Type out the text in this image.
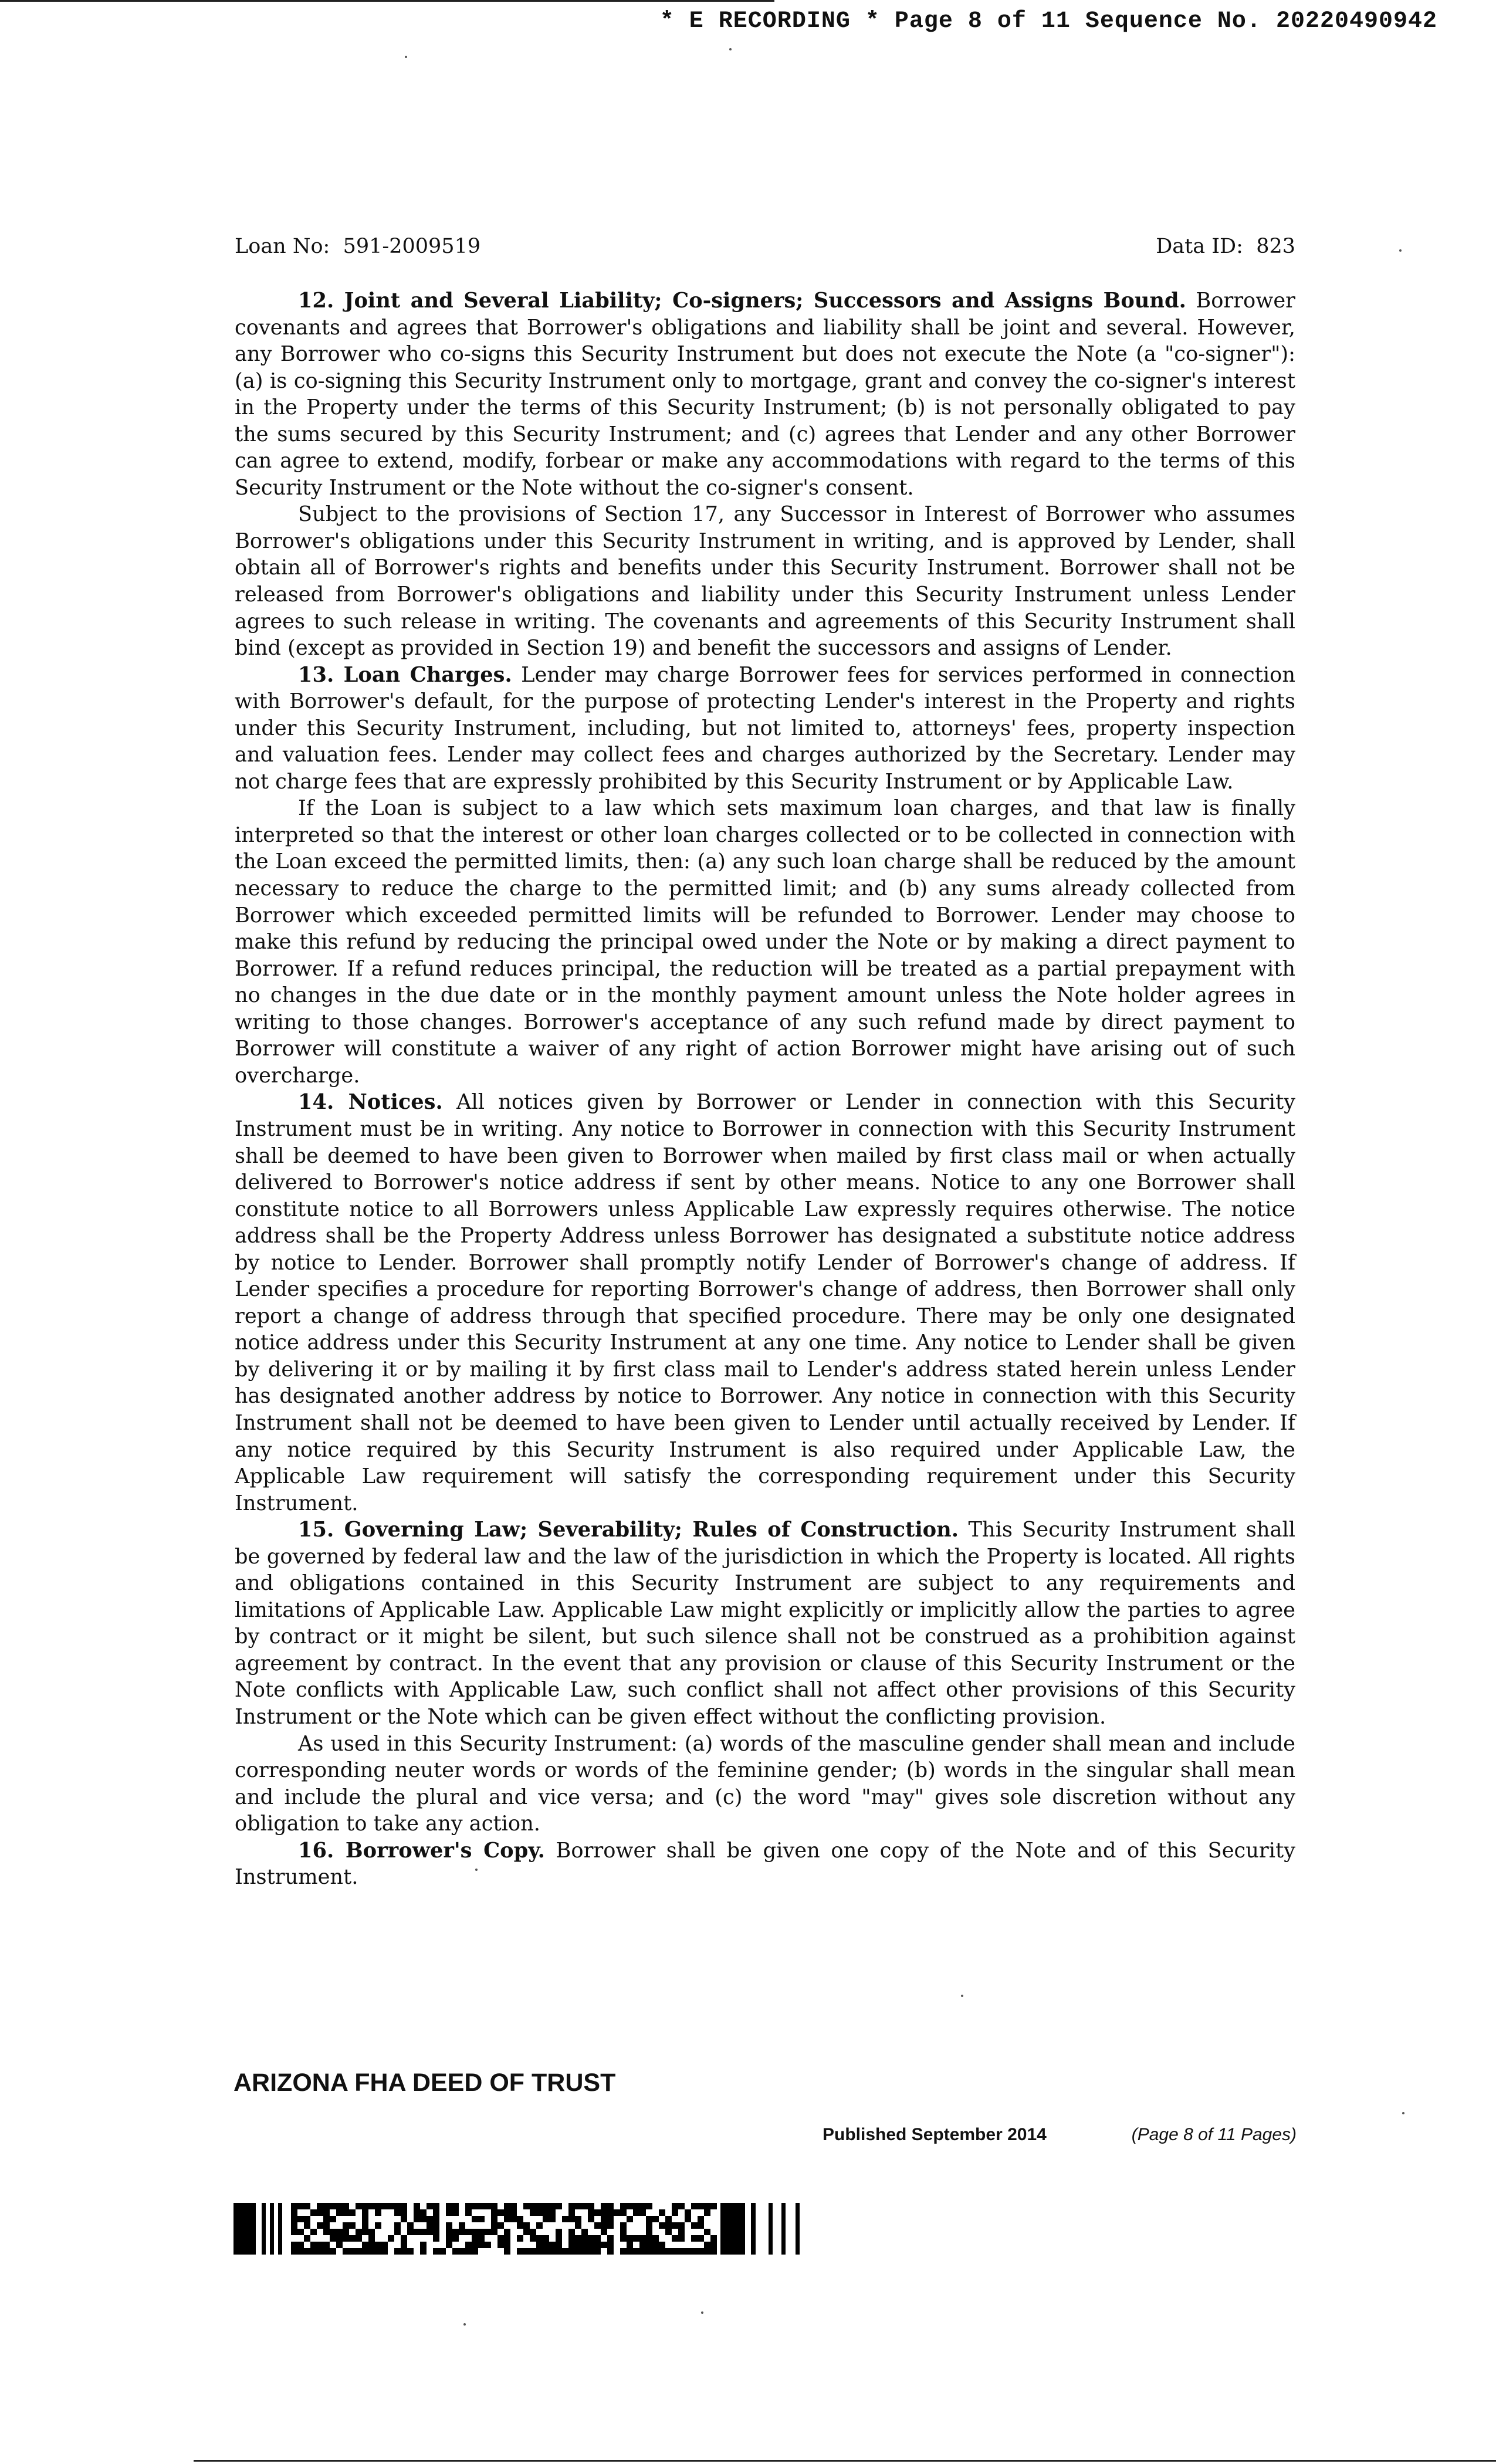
* E RECORDING * Page 8 of 11 Sequence No. 20220490942
Loan No: 591-2009519	Data ID: 823

12. Joint and Several Liability; Co-signers; Successors and Assigns Bound. Borrower covenants and agrees that Borrower's obligations and liability shall be joint and several. However, any Borrower who co-signs this Security Instrument but does not execute the Note (a "co-signer"): (a) is co-signing this Security Instrument only to mortgage, grant and convey the co-signer's interest in the Property under the terms of this Security Instrument; (b) is not personally obligated to pay the sums secured by this Security Instrument; and (c) agrees that Lender and any other Borrower can agree to extend, modify, forbear or make any accommodations with regard to the terms of this Security Instrument or the Note without the co-signer's consent.

Subject to the provisions of Section 17, any Successor in Interest of Borrower who assumes Borrower's obligations under this Security Instrument in writing, and is approved by Lender, shall obtain all of Borrower's rights and benefits under this Security Instrument. Borrower shall not be released from Borrower's obligations and liability under this Security Instrument unless Lender agrees to such release in writing. The covenants and agreements of this Security Instrument shall bind (except as provided in Section 19) and benefit the successors and assigns of Lender.

13. Loan Charges. Lender may charge Borrower fees for services performed in connection with Borrower's default, for the purpose of protecting Lender's interest in the Property and rights under this Security Instrument, including, but not limited to, attorneys' fees, property inspection and valuation fees. Lender may collect fees and charges authorized by the Secretary. Lender may not charge fees that are expressly prohibited by this Security Instrument or by Applicable Law.

If the Loan is subject to a law which sets maximum loan charges, and that law is finally interpreted so that the interest or other loan charges collected or to be collected in connection with the Loan exceed the permitted limits, then: (a) any such loan charge shall be reduced by the amount necessary to reduce the charge to the permitted limit; and (b) any sums already collected from Borrower which exceeded permitted limits will be refunded to Borrower. Lender may choose to make this refund by reducing the principal owed under the Note or by making a direct payment to Borrower. If a refund reduces principal, the reduction will be treated as a partial prepayment with no changes in the due date or in the monthly payment amount unless the Note holder agrees in writing to those changes. Borrower's acceptance of any such refund made by direct payment to Borrower will constitute a waiver of any right of action Borrower might have arising out of such overcharge.

14. Notices. All notices given by Borrower or Lender in connection with this Security Instrument must be in writing. Any notice to Borrower in connection with this Security Instrument shall be deemed to have been given to Borrower when mailed by first class mail or when actually delivered to Borrower's notice address if sent by other means. Notice to any one Borrower shall constitute notice to all Borrowers unless Applicable Law expressly requires otherwise. The notice address shall be the Property Address unless Borrower has designated a substitute notice address by notice to Lender. Borrower shall promptly notify Lender of Borrower's change of address. If Lender specifies a procedure for reporting Borrower's change of address, then Borrower shall only report a change of address through that specified procedure. There may be only one designated notice address under this Security Instrument at any one time. Any notice to Lender shall be given by delivering it or by mailing it by first class mail to Lender's address stated herein unless Lender has designated another address by notice to Borrower. Any notice in connection with this Security Instrument shall not be deemed to have been given to Lender until actually received by Lender. If any notice required by this Security Instrument is also required under Applicable Law, the Applicable Law requirement will satisfy the corresponding requirement under this Security Instrument.

15. Governing Law; Severability; Rules of Construction. This Security Instrument shall be governed by federal law and the law of the jurisdiction in which the Property is located. All rights and obligations contained in this Security Instrument are subject to any requirements and limitations of Applicable Law. Applicable Law might explicitly or implicitly allow the parties to agree by contract or it might be silent, but such silence shall not be construed as a prohibition against agreement by contract. In the event that any provision or clause of this Security Instrument or the Note conflicts with Applicable Law, such conflict shall not affect other provisions of this Security Instrument or the Note which can be given effect without the conflicting provision.

As used in this Security Instrument: (a) words of the masculine gender shall mean and include corresponding neuter words or words of the feminine gender; (b) words in the singular shall mean and include the plural and vice versa; and (c) the word "may" gives sole discretion without any obligation to take any action.

16. Borrower's Copy. Borrower shall be given one copy of the Note and of this Security Instrument.

ARIZONA FHA DEED OF TRUST
Published September 2014	(Page 8 of 11 Pages)
